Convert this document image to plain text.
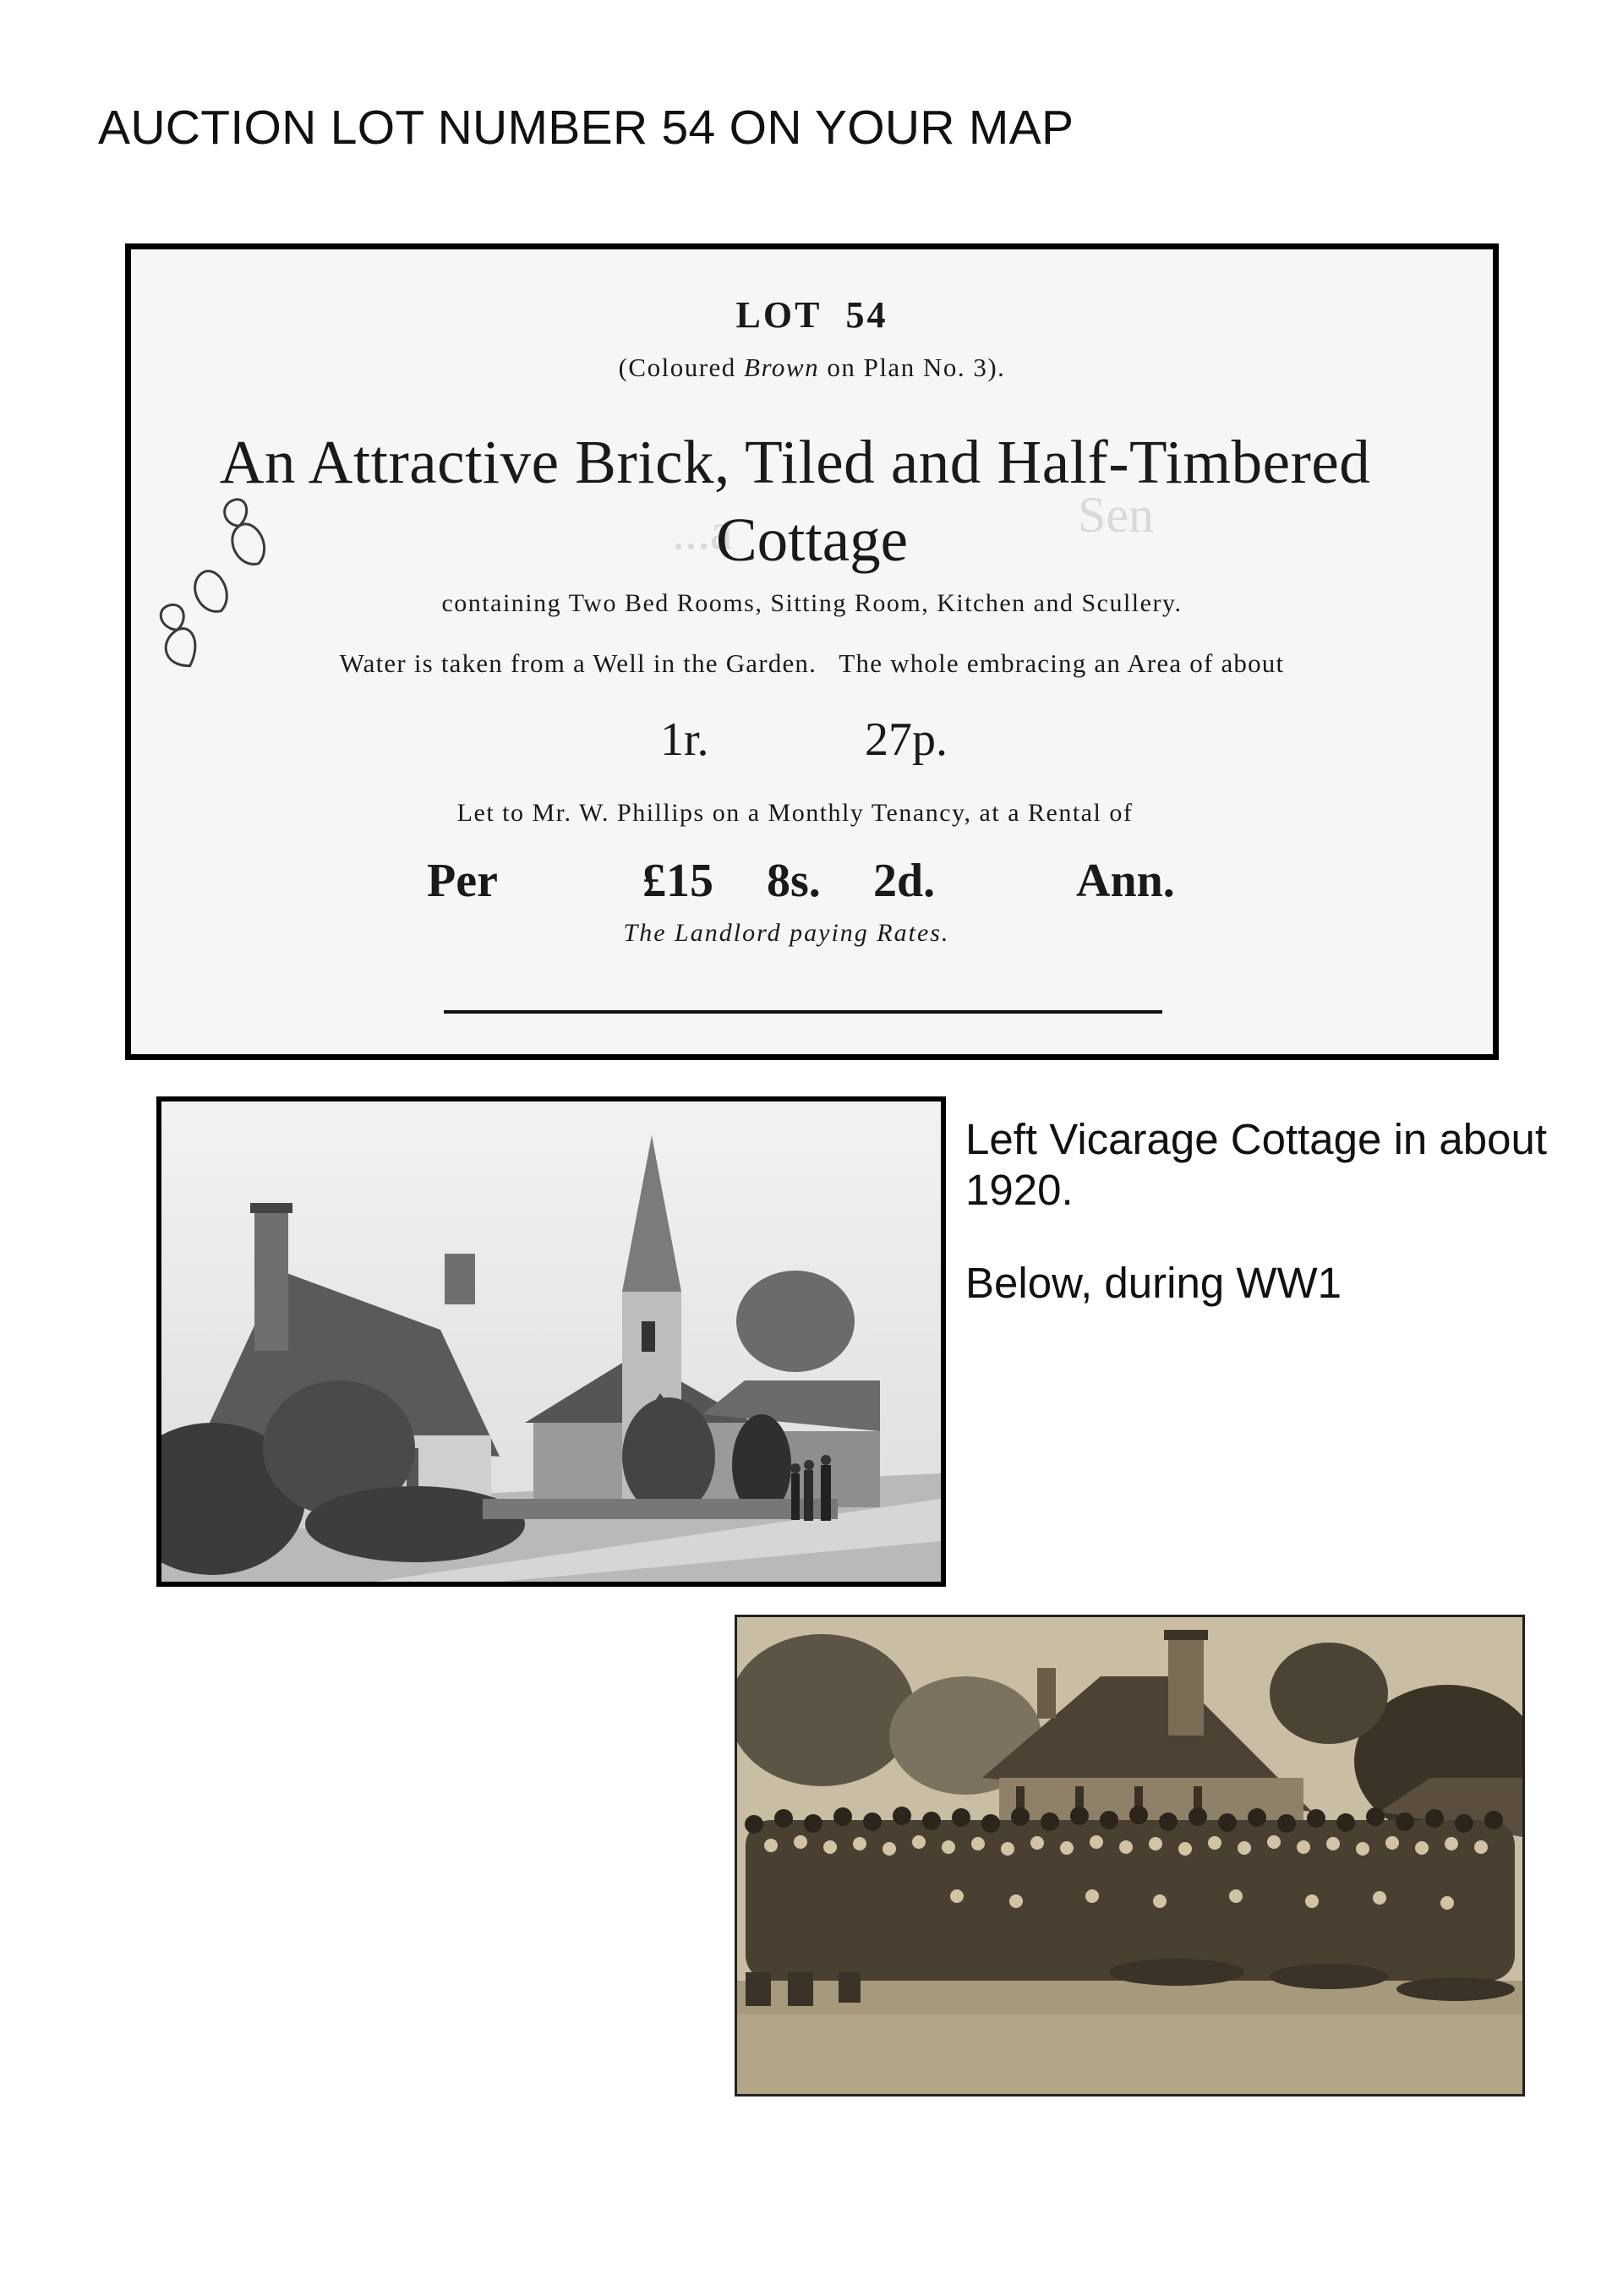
AUCTION LOT NUMBER 54 ON YOUR MAP
Sen
...a
LOT 54
(Coloured Brown on Plan No. 3).
An Attractive Brick, Tiled and Half-Timbered
Cottage
containing Two Bed Rooms, Sitting Room, Kitchen and Scullery.
Water is taken from a Well in the Garden.   The whole embracing an Area of about
1r.	27p.
Let to Mr. W. Phillips on a Monthly Tenancy, at a Rental of
Per	£15 8s. 2d.	Ann.
The Landlord paying Rates.

Left Vicarage Cottage in about 1920.

Below, during WW1
